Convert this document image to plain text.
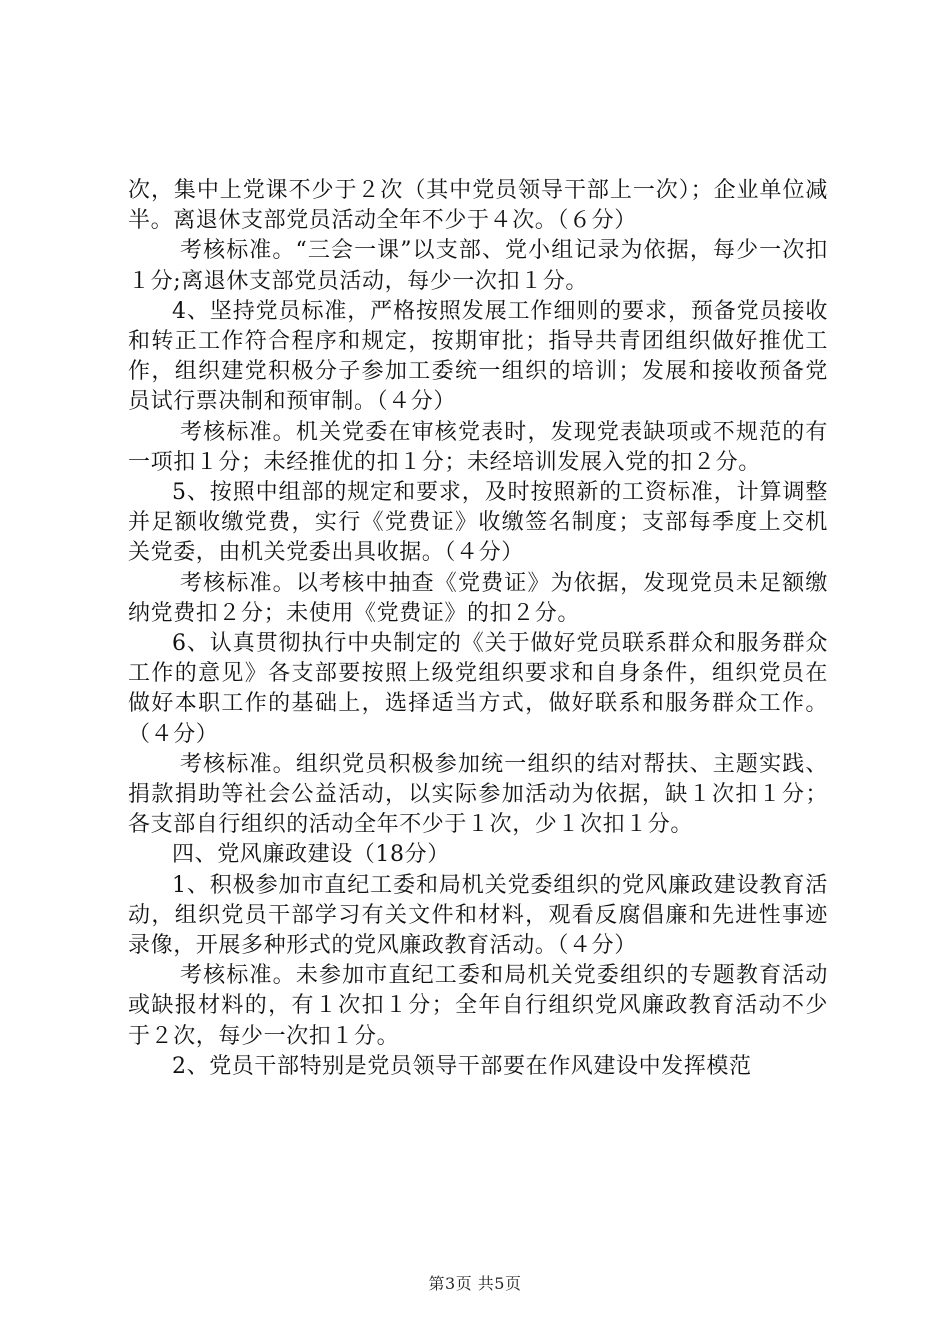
次，集中上党课不少于２次（其中党员领导干部上一次）；企业单位减半。离退休支部党员活动全年不少于４次。（６分）

考核标准。“三会一课”以支部、党小组记录为依据，每少一次扣１分;离退休支部党员活动，每少一次扣１分。

4、坚持党员标准，严格按照发展工作细则的要求，预备党员接收和转正工作符合程序和规定，按期审批；指导共青团组织做好推优工作，组织建党积极分子参加工委统一组织的培训；发展和接收预备党员试行票决制和预审制。（４分）

考核标准。机关党委在审核党表时，发现党表缺项或不规范的有一项扣１分；未经推优的扣１分；未经培训发展入党的扣２分。

5、按照中组部的规定和要求，及时按照新的工资标准，计算调整并足额收缴党费，实行《党费证》收缴签名制度；支部每季度上交机关党委，由机关党委出具收据。（４分）

考核标准。以考核中抽查《党费证》为依据，发现党员未足额缴纳党费扣２分；未使用《党费证》的扣２分。

6、认真贯彻执行中央制定的《关于做好党员联系群众和服务群众工作的意见》各支部要按照上级党组织要求和自身条件，组织党员在做好本职工作的基础上，选择适当方式，做好联系和服务群众工作。（４分）

考核标准。组织党员积极参加统一组织的结对帮扶、主题实践、捐款捐助等社会公益活动，以实际参加活动为依据，缺１次扣１分；各支部自行组织的活动全年不少于１次，少１次扣１分。

四、党风廉政建设（18分）

1、积极参加市直纪工委和局机关党委组织的党风廉政建设教育活动，组织党员干部学习有关文件和材料，观看反腐倡廉和先进性事迹录像，开展多种形式的党风廉政教育活动。（４分）

考核标准。未参加市直纪工委和局机关党委组织的专题教育活动或缺报材料的，有１次扣１分；全年自行组织党风廉政教育活动不少于２次，每少一次扣１分。

2、党员干部特别是党员领导干部要在作风建设中发挥模范

第3页 共5页
